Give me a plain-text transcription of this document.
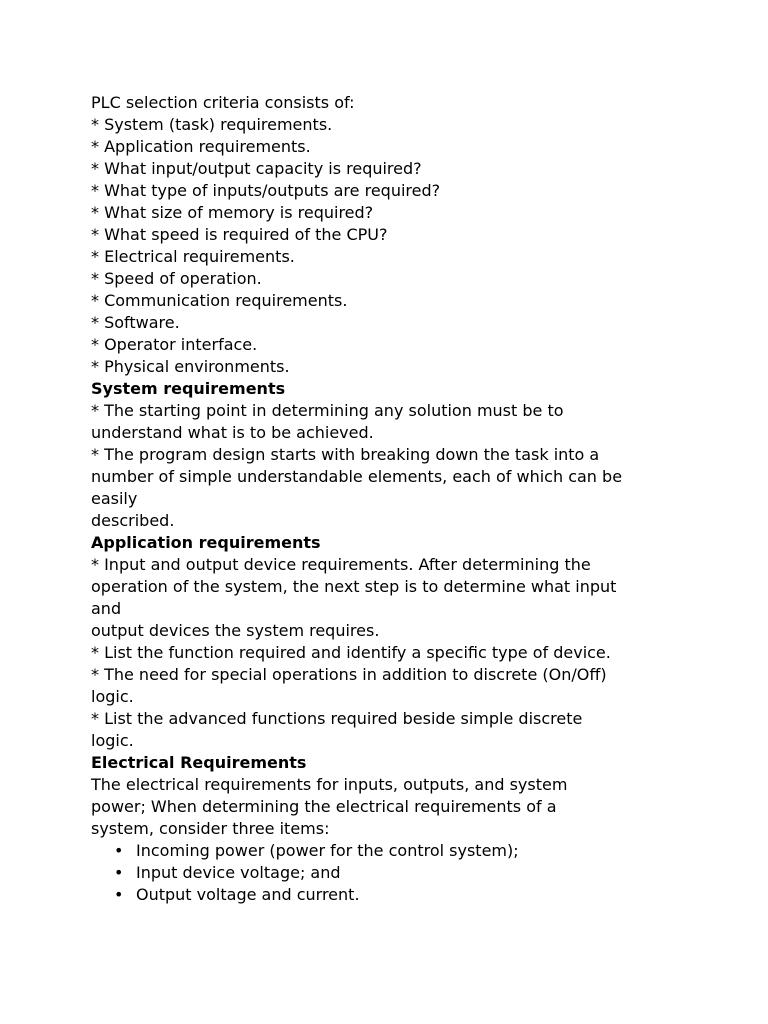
PLC selection criteria consists of:
* System (task) requirements.
* Application requirements.
* What input/output capacity is required?
* What type of inputs/outputs are required?
* What size of memory is required?
* What speed is required of the CPU?
* Electrical requirements.
* Speed of operation.
* Communication requirements.
* Software.
* Operator interface.
* Physical environments.
System requirements
* The starting point in determining any solution must be to
understand what is to be achieved.
* The program design starts with breaking down the task into a
number of simple understandable elements, each of which can be
easily
described.
Application requirements
* Input and output device requirements. After determining the
operation of the system, the next step is to determine what input
and
output devices the system requires.
* List the function required and identify a specific type of device.
* The need for special operations in addition to discrete (On/Off)
logic.
* List the advanced functions required beside simple discrete
logic.
Electrical Requirements
The electrical requirements for inputs, outputs, and system
power; When determining the electrical requirements of a
system, consider three items:
• Incoming power (power for the control system);
• Input device voltage; and
• Output voltage and current.
